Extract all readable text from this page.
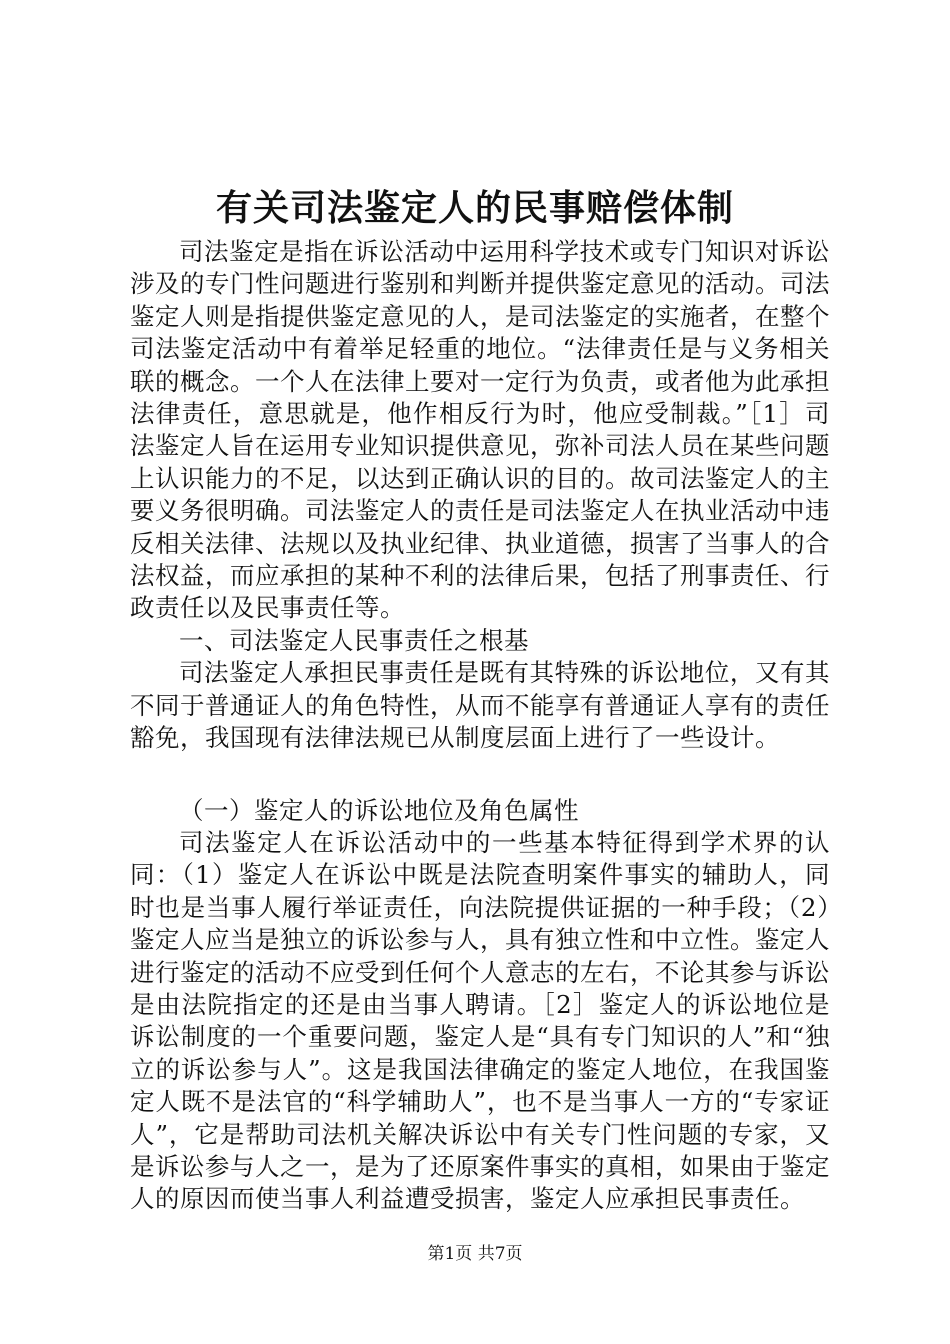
有关司法鉴定人的民事赔偿体制

司法鉴定是指在诉讼活动中运用科学技术或专门知识对诉讼涉及的专门性问题进行鉴别和判断并提供鉴定意见的活动。司法鉴定人则是指提供鉴定意见的人，是司法鉴定的实施者，在整个司法鉴定活动中有着举足轻重的地位。“法律责任是与义务相关联的概念。一个人在法律上要对一定行为负责，或者他为此承担法律责任，意思就是，他作相反行为时，他应受制裁。”［1］司法鉴定人旨在运用专业知识提供意见，弥补司法人员在某些问题上认识能力的不足，以达到正确认识的目的。故司法鉴定人的主要义务很明确。司法鉴定人的责任是司法鉴定人在执业活动中违反相关法律、法规以及执业纪律、执业道德，损害了当事人的合法权益，而应承担的某种不利的法律后果，包括了刑事责任、行政责任以及民事责任等。

一、司法鉴定人民事责任之根基

司法鉴定人承担民事责任是既有其特殊的诉讼地位，又有其不同于普通证人的角色特性，从而不能享有普通证人享有的责任豁免，我国现有法律法规已从制度层面上进行了一些设计。

（一）鉴定人的诉讼地位及角色属性

司法鉴定人在诉讼活动中的一些基本特征得到学术界的认同：（1）鉴定人在诉讼中既是法院查明案件事实的辅助人，同时也是当事人履行举证责任，向法院提供证据的一种手段；（2）鉴定人应当是独立的诉讼参与人，具有独立性和中立性。鉴定人进行鉴定的活动不应受到任何个人意志的左右，不论其参与诉讼是由法院指定的还是由当事人聘请。［2］鉴定人的诉讼地位是诉讼制度的一个重要问题，鉴定人是“具有专门知识的人”和“独立的诉讼参与人”。这是我国法律确定的鉴定人地位，在我国鉴定人既不是法官的“科学辅助人”，也不是当事人一方的“专家证人”，它是帮助司法机关解决诉讼中有关专门性问题的专家，又是诉讼参与人之一，是为了还原案件事实的真相，如果由于鉴定人的原因而使当事人利益遭受损害，鉴定人应承担民事责任。

第1页 共7页
